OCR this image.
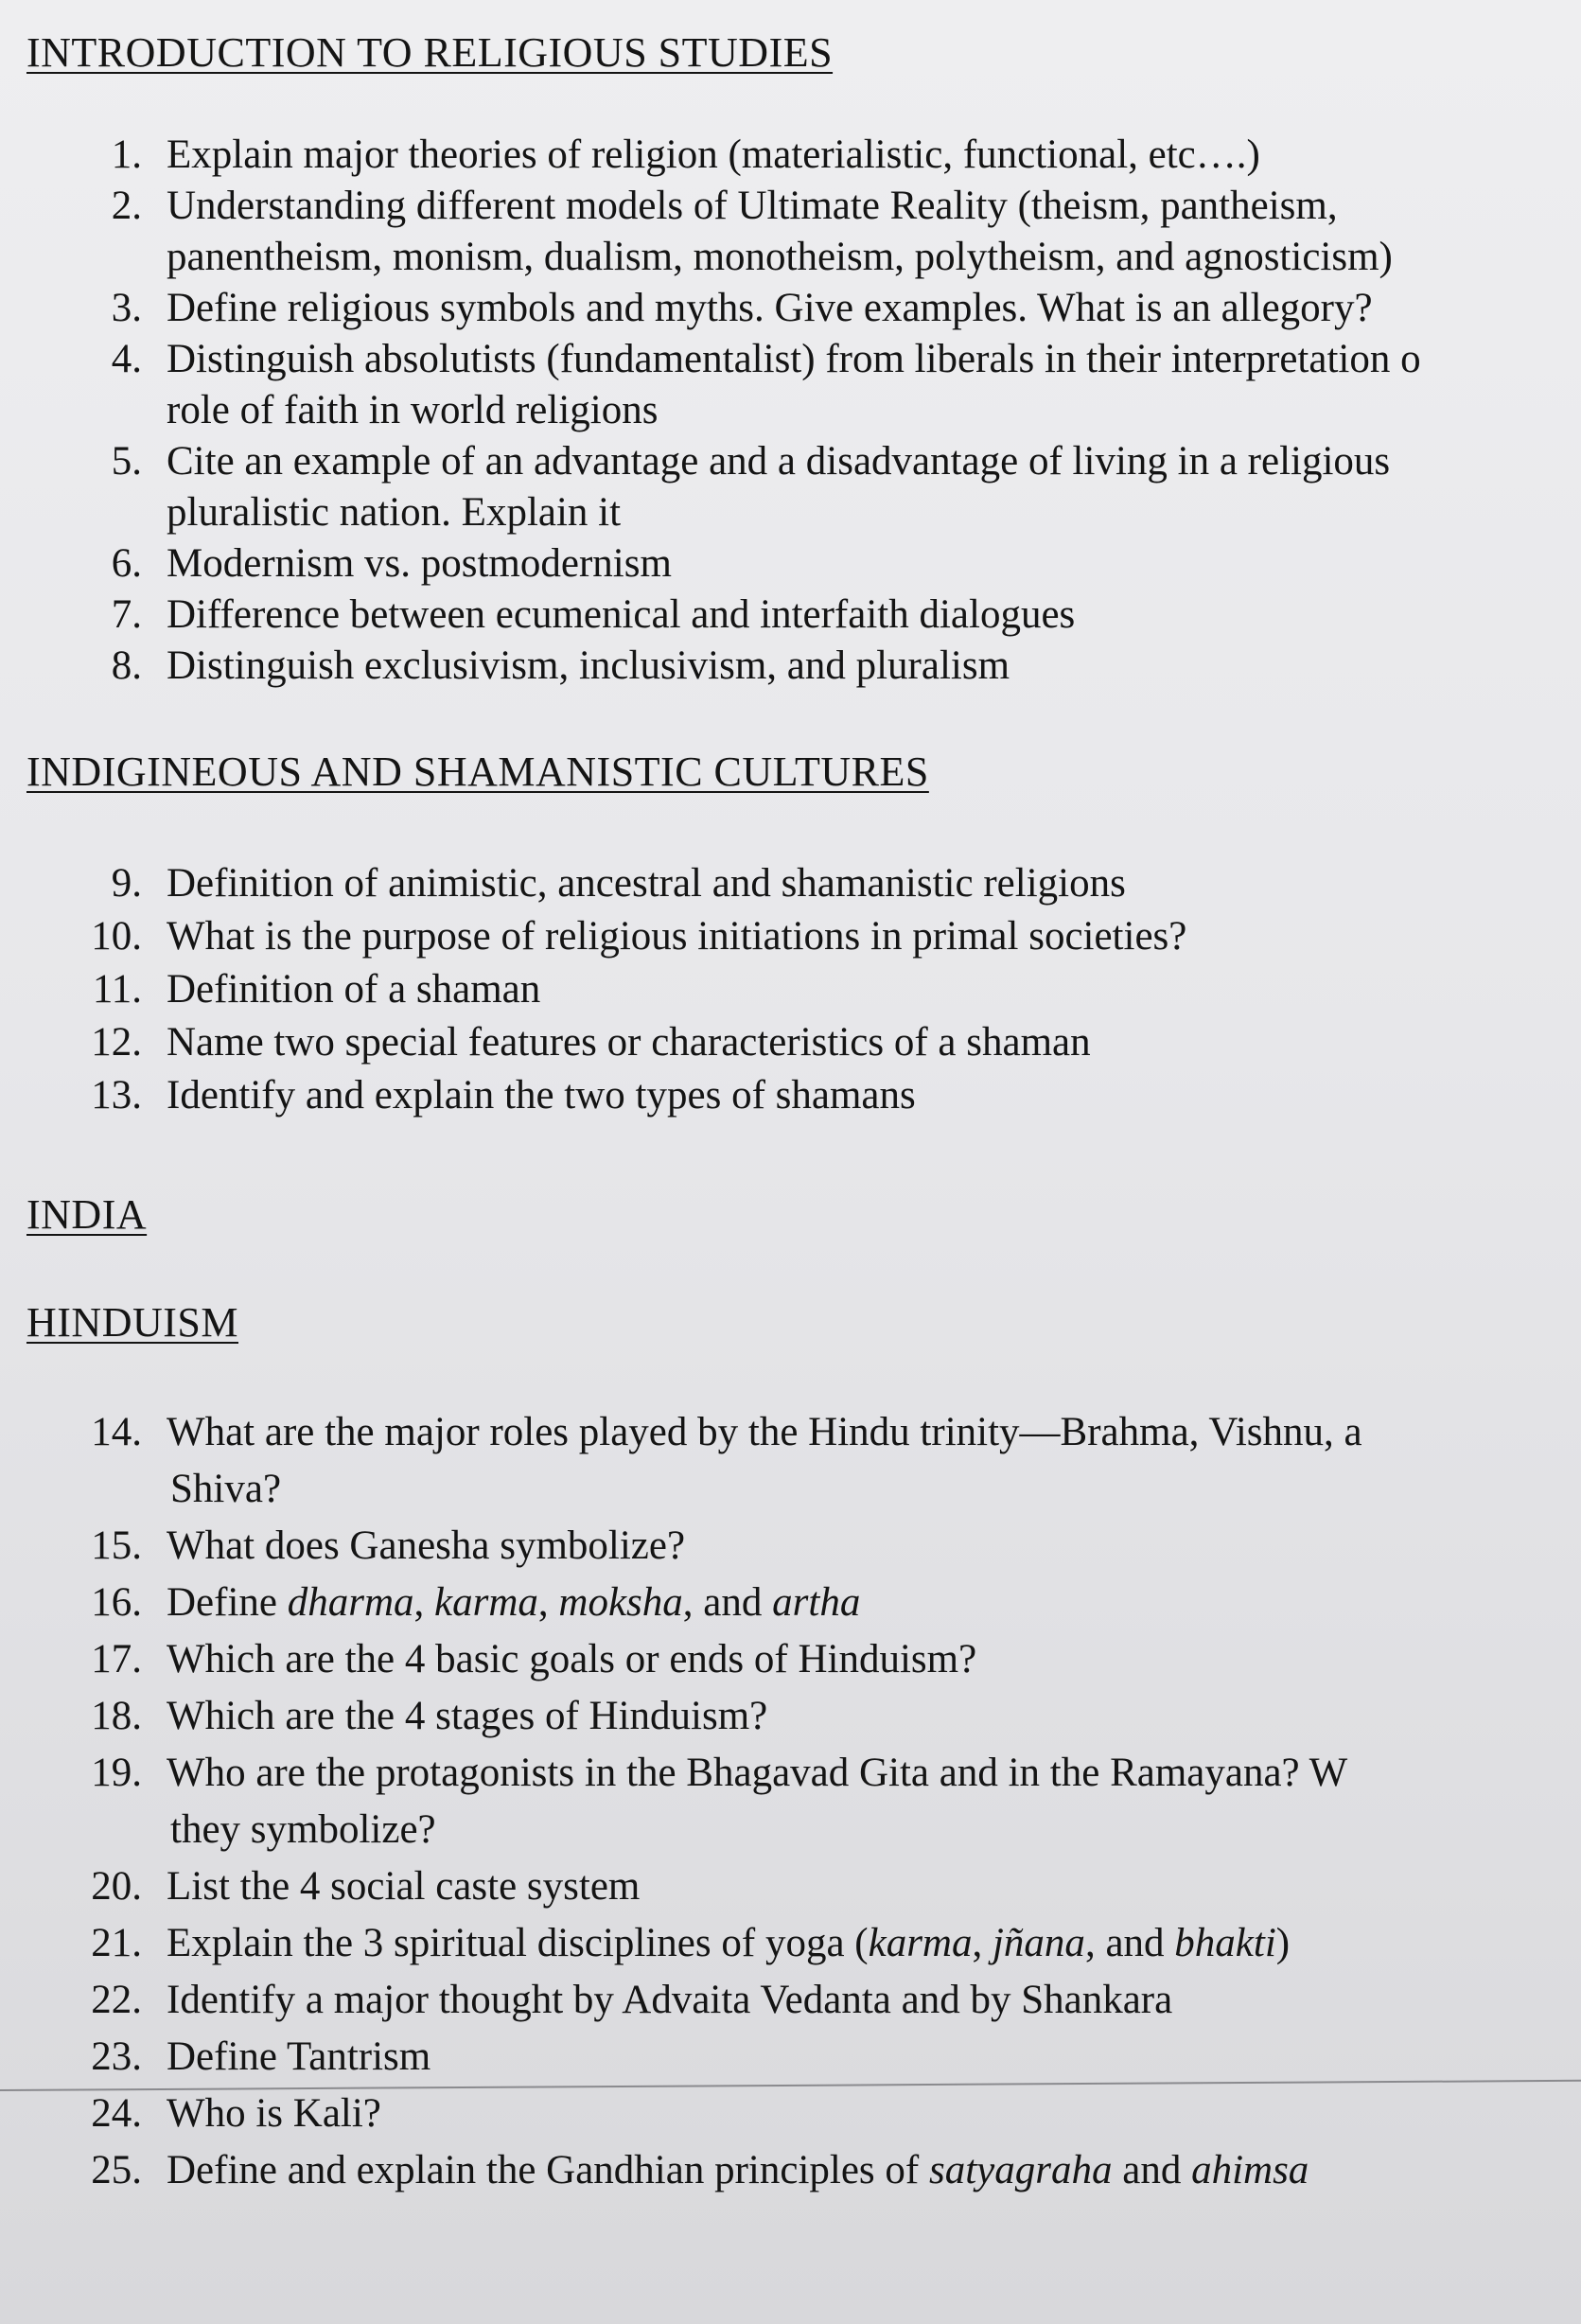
INTRODUCTION TO RELIGIOUS STUDIES
1. Explain major theories of religion (materialistic, functional, etc….)
2. Understanding different models of Ultimate Reality (theism, pantheism,
panentheism, monism, dualism, monotheism, polytheism, and agnosticism)
3. Define religious symbols and myths. Give examples. What is an allegory?
4. Distinguish absolutists (fundamentalist) from liberals in their interpretation o
role of faith in world religions
5. Cite an example of an advantage and a disadvantage of living in a religious
pluralistic nation. Explain it
6. Modernism vs. postmodernism
7. Difference between ecumenical and interfaith dialogues
8. Distinguish exclusivism, inclusivism, and pluralism
INDIGINEOUS AND SHAMANISTIC CULTURES
9. Definition of animistic, ancestral and shamanistic religions
10. What is the purpose of religious initiations in primal societies?
11. Definition of a shaman
12. Name two special features or characteristics of a shaman
13. Identify and explain the two types of shamans
INDIA
HINDUISM
14. What are the major roles played by the Hindu trinity—Brahma, Vishnu, a
Shiva?
15. What does Ganesha symbolize?
16. Define dharma, karma, moksha, and artha
17. Which are the 4 basic goals or ends of Hinduism?
18. Which are the 4 stages of Hinduism?
19. Who are the protagonists in the Bhagavad Gita and in the Ramayana? W
they symbolize?
20. List the 4 social caste system
21. Explain the 3 spiritual disciplines of yoga (karma, jñana, and bhakti)
22. Identify a major thought by Advaita Vedanta and by Shankara
23. Define Tantrism
24. Who is Kali?
25. Define and explain the Gandhian principles of satyagraha and ahimsa
